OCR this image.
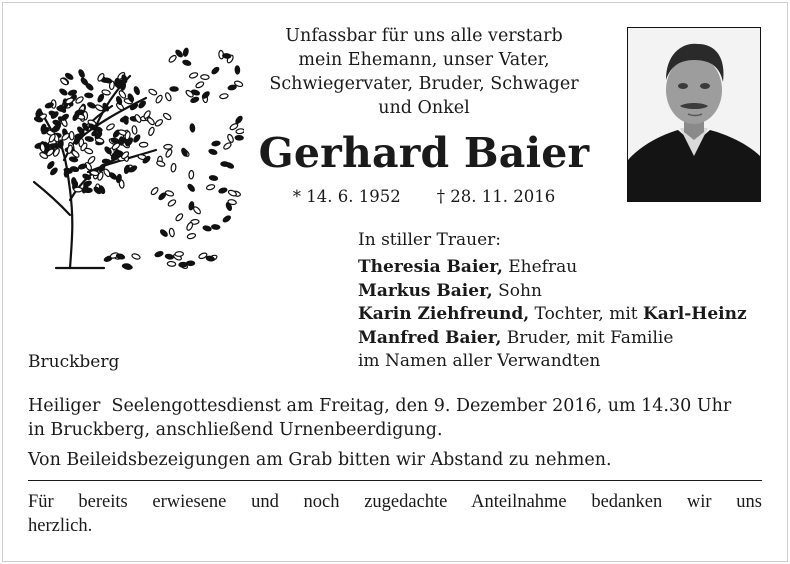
Unfassbar für uns alle verstarb
mein Ehemann, unser Vater,
Schwiegervater, Bruder, Schwager
und Onkel
Gerhard Baier
* 14. 6. 1952 † 28. 11. 2016
In stiller Trauer:
Theresia Baier, Ehefrau
Markus Baier, Sohn
Karin Ziehfreund, Tochter, mit Karl-Heinz
Manfred Baier, Bruder, mit Familie
im Namen aller Verwandten
Bruckberg
Heiliger  Seelengottesdienst am Freitag, den 9. Dezember 2016, um 14.30 Uhr
in Bruckberg, anschließend Urnenbeerdigung.
Von Beileidsbezeigungen am Grab bitten wir Abstand zu nehmen.
Für bereits erwiesene und noch zugedachte Anteilnahme bedanken wir uns
herzlich.
